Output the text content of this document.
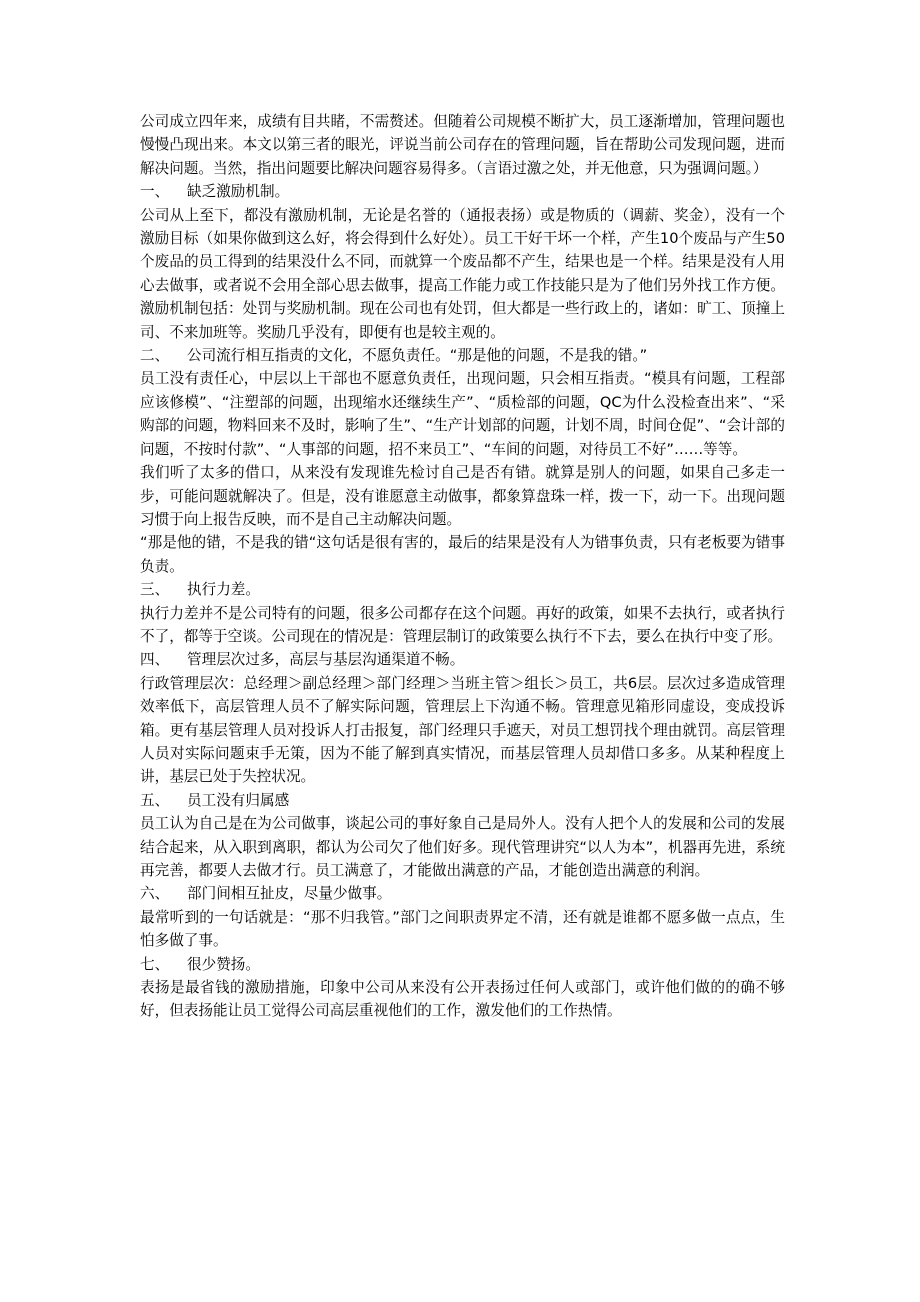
公司成立四年来，成绩有目共睹，不需赘述。但随着公司规模不断扩大，员工逐渐增加，管理问题也慢慢凸现出来。本文以第三者的眼光，评说当前公司存在的管理问题，旨在帮助公司发现问题，进而解决问题。当然，指出问题要比解决问题容易得多。（言语过激之处，并无他意，只为强调问题。）

一、 缺乏激励机制。

公司从上至下，都没有激励机制，无论是名誉的（通报表扬）或是物质的（调薪、奖金），没有一个激励目标（如果你做到这么好，将会得到什么好处）。员工干好干坏一个样，产生10个废品与产生50个废品的员工得到的结果没什么不同，而就算一个废品都不产生，结果也是一个样。结果是没有人用心去做事，或者说不会用全部心思去做事，提高工作能力或工作技能只是为了他们另外找工作方便。激励机制包括：处罚与奖励机制。现在公司也有处罚，但大都是一些行政上的，诸如：旷工、顶撞上司、不来加班等。奖励几乎没有，即便有也是较主观的。

二、 公司流行相互指责的文化，不愿负责任。“那是他的问题，不是我的错。”

员工没有责任心，中层以上干部也不愿意负责任，出现问题，只会相互指责。“模具有问题，工程部应该修模”、“注塑部的问题，出现缩水还继续生产”、“质检部的问题，QC为什么没检查出来”、“采购部的问题，物料回来不及时，影响了生”、“生产计划部的问题，计划不周，时间仓促”、“会计部的问题，不按时付款”、“人事部的问题，招不来员工”、“车间的问题，对待员工不好”……等等。

我们听了太多的借口，从来没有发现谁先检讨自己是否有错。就算是别人的问题，如果自己多走一步，可能问题就解决了。但是，没有谁愿意主动做事，都象算盘珠一样，拨一下，动一下。出现问题习惯于向上报告反映，而不是自己主动解决问题。

“那是他的错，不是我的错“这句话是很有害的，最后的结果是没有人为错事负责，只有老板要为错事负责。

三、 执行力差。

执行力差并不是公司特有的问题，很多公司都存在这个问题。再好的政策，如果不去执行，或者执行不了，都等于空谈。公司现在的情况是：管理层制订的政策要么执行不下去，要么在执行中变了形。

四、 管理层次过多，高层与基层沟通渠道不畅。

行政管理层次：总经理＞副总经理＞部门经理＞当班主管＞组长＞员工，共6层。层次过多造成管理效率低下，高层管理人员不了解实际问题，管理层上下沟通不畅。管理意见箱形同虚设，变成投诉箱。更有基层管理人员对投诉人打击报复，部门经理只手遮天，对员工想罚找个理由就罚。高层管理人员对实际问题束手无策，因为不能了解到真实情况，而基层管理人员却借口多多。从某种程度上讲，基层已处于失控状况。

五、 员工没有归属感

员工认为自己是在为公司做事，谈起公司的事好象自己是局外人。没有人把个人的发展和公司的发展结合起来，从入职到离职，都认为公司欠了他们好多。现代管理讲究“以人为本”，机器再先进，系统再完善，都要人去做才行。员工满意了，才能做出满意的产品，才能创造出满意的利润。

六、 部门间相互扯皮，尽量少做事。

最常听到的一句话就是：“那不归我管。”部门之间职责界定不清，还有就是谁都不愿多做一点点，生怕多做了事。

七、 很少赞扬。

表扬是最省钱的激励措施，印象中公司从来没有公开表扬过任何人或部门，或许他们做的的确不够好，但表扬能让员工觉得公司高层重视他们的工作，激发他们的工作热情。
